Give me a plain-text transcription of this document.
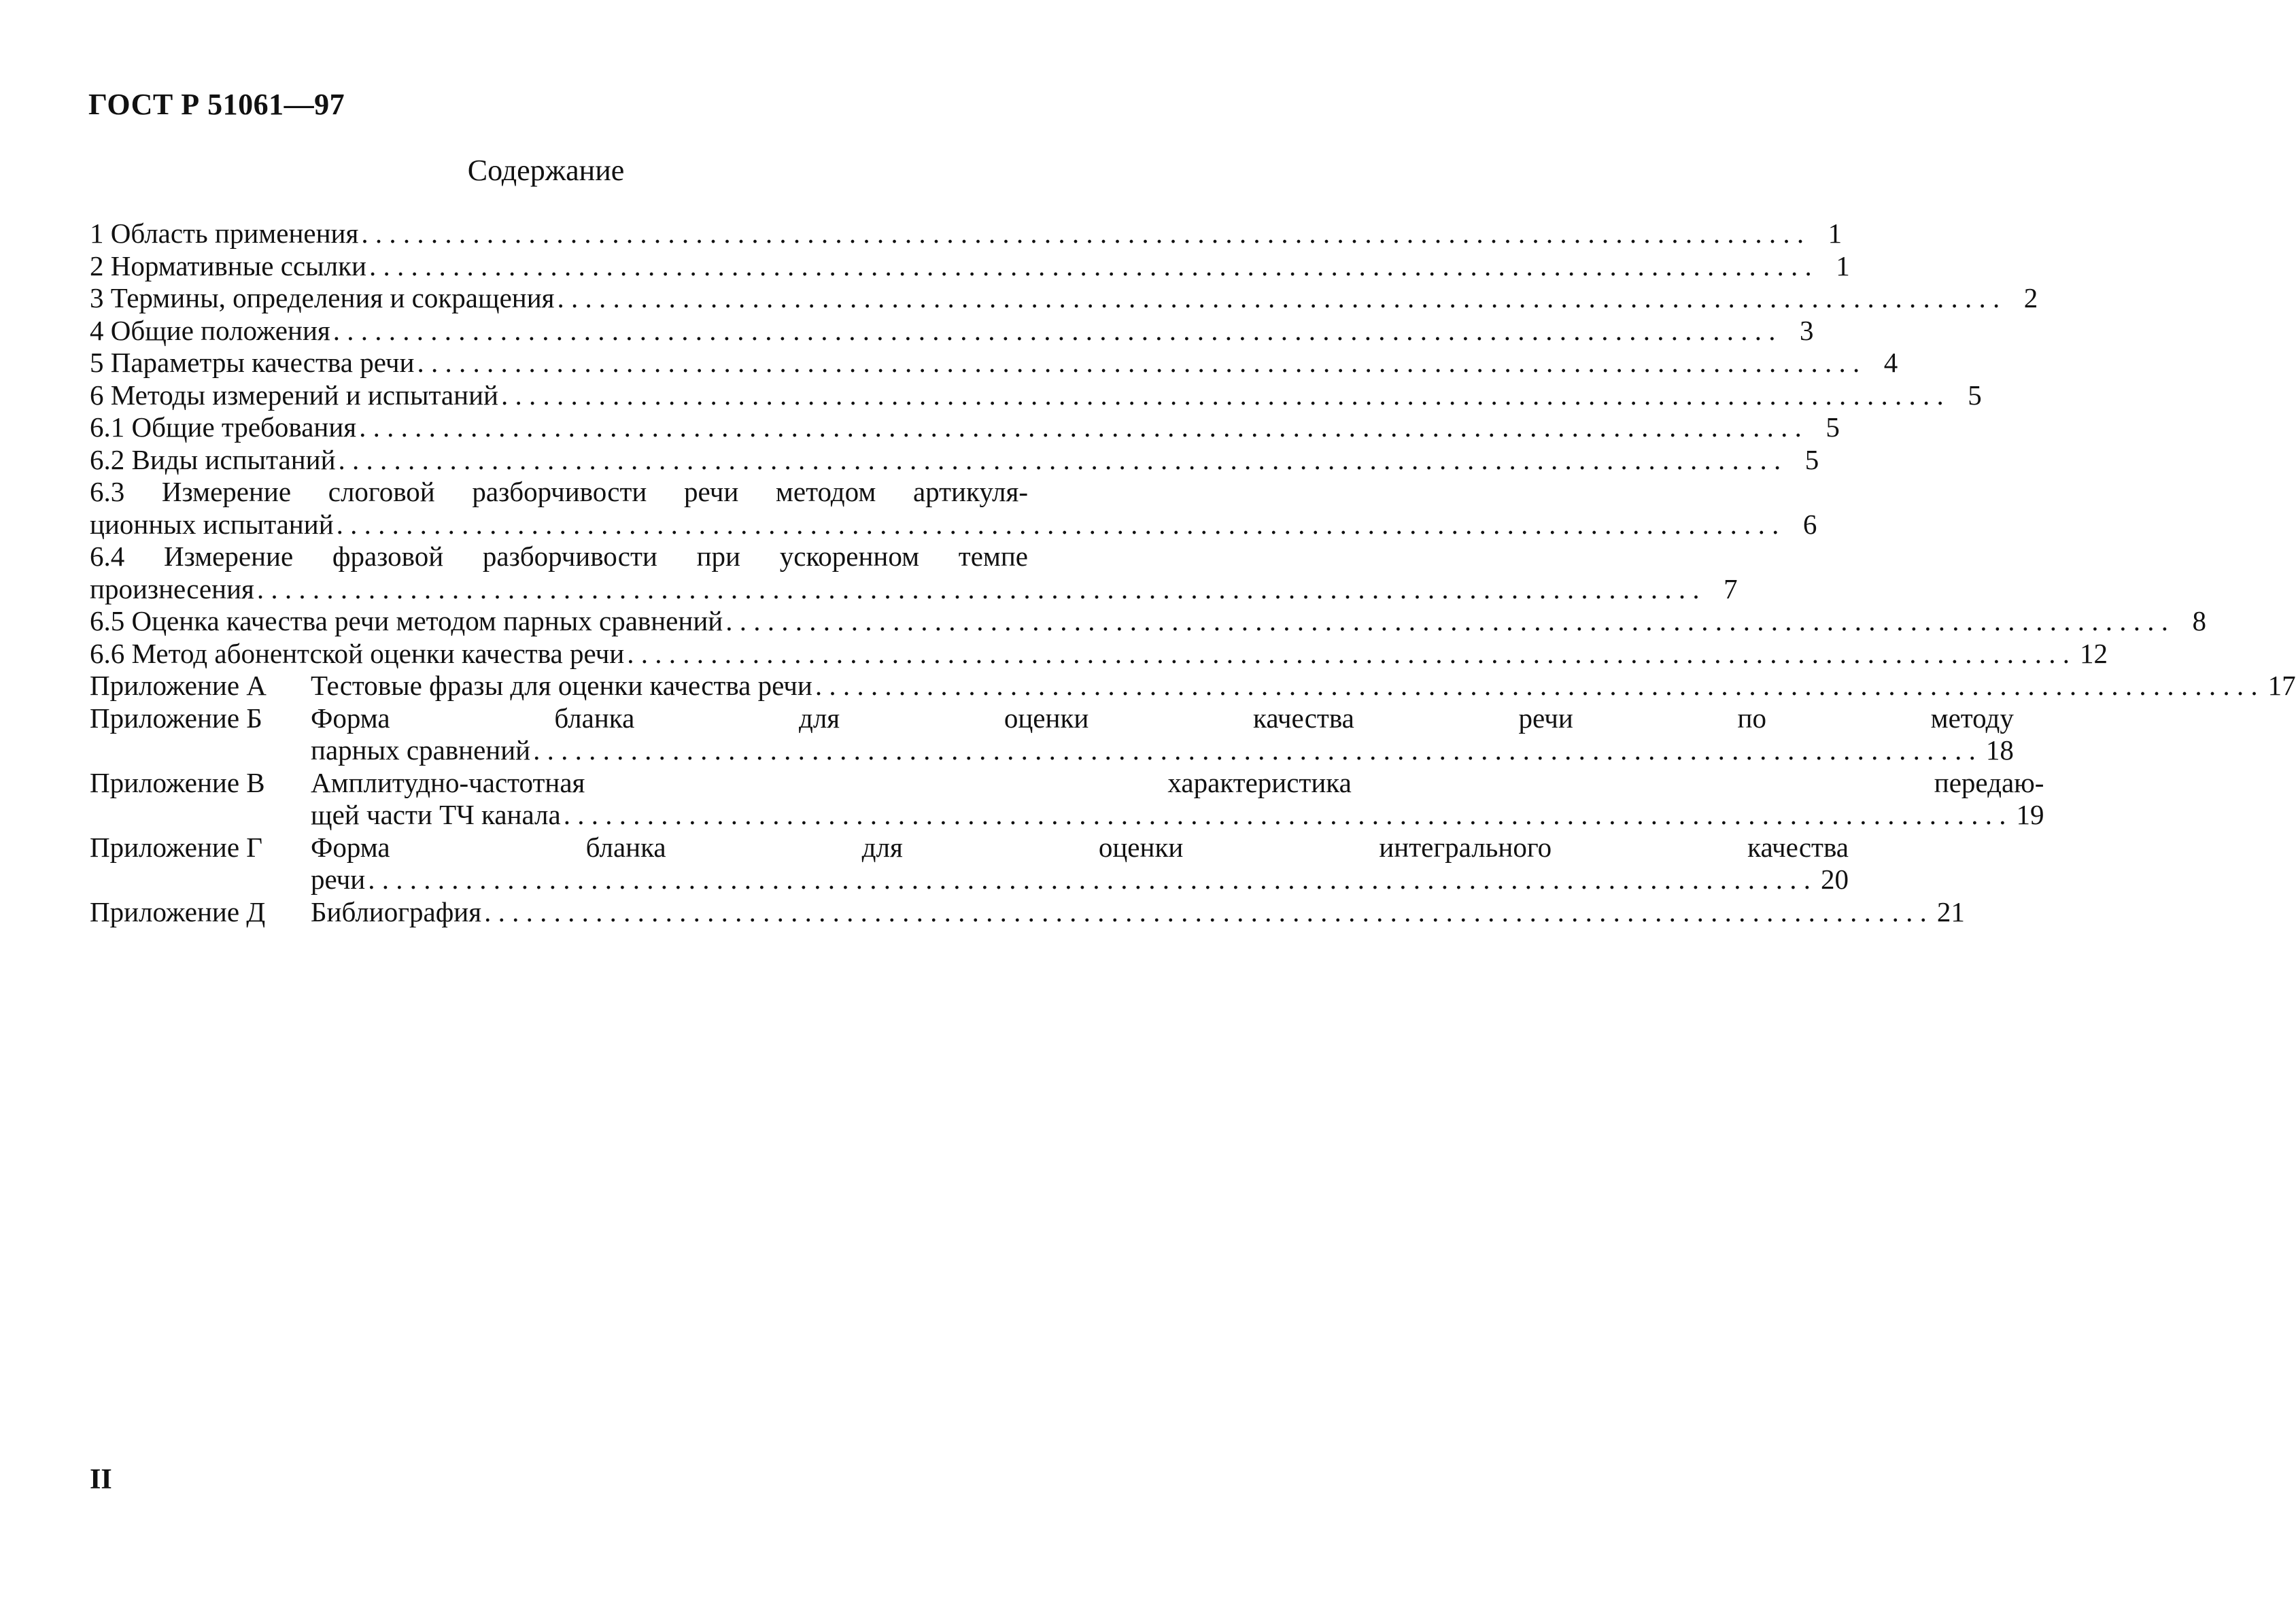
ГОСТ Р 51061—97
Содержание
1 Область применения . . .	1
2 Нормативные ссылки . . .	1
3 Термины, определения и сокращения . . .	2
4 Общие положения . . .	3
5 Параметры качества речи . . .	4
6 Методы измерений и испытаний . . .	5
6.1 Общие требования . . .	5
6.2 Виды испытаний . . .	5
6.3 Измерение слоговой разборчивости речи методом артикуля-
ционных испытаний . . .	6
6.4 Измерение фразовой разборчивости при ускоренном темпе
произнесения . . .	7
6.5 Оценка качества речи методом парных сравнений . . .	8
6.6 Метод абонентской оценки качества речи . . .	12
Приложение А	Тестовые фразы для оценки качества речи . . .	17
Приложение Б	Форма бланка для оценки качества речи по методу
парных сравнений . . .	18
Приложение В	Амплитудно-частотная характеристика передаю-
щей части ТЧ канала . . .	19
Приложение Г	Форма бланка для оценки интегрального качества
речи . . .	20
Приложение Д	Библиография . . .	21
II
